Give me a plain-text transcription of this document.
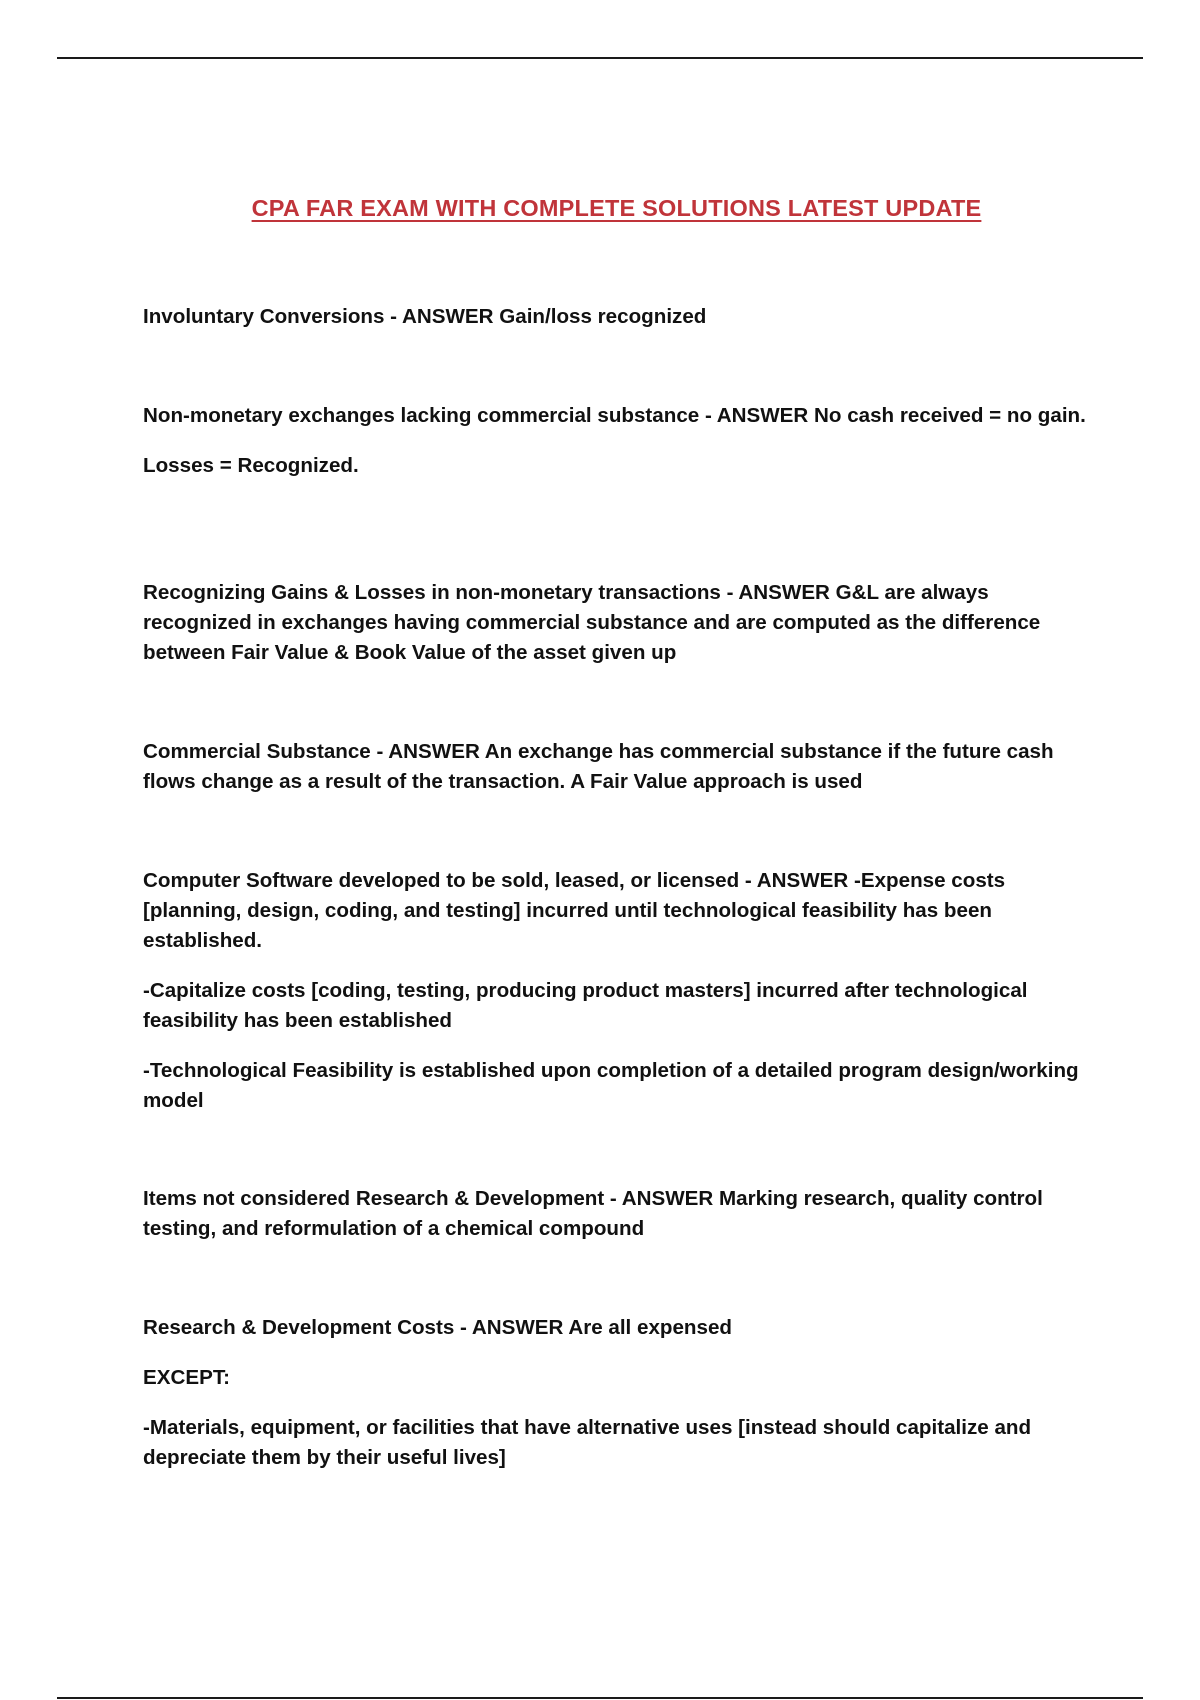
CPA FAR EXAM WITH COMPLETE SOLUTIONS LATEST UPDATE

Involuntary Conversions - ANSWER Gain/loss recognized

Non-monetary exchanges lacking commercial substance - ANSWER No cash received = no gain.

Losses = Recognized.

Recognizing Gains & Losses in non-monetary transactions - ANSWER G&L are always recognized in exchanges having commercial substance and are computed as the difference between Fair Value & Book Value of the asset given up

Commercial Substance - ANSWER An exchange has commercial substance if the future cash flows change as a result of the transaction. A Fair Value approach is used

Computer Software developed to be sold, leased, or licensed - ANSWER -Expense costs [planning, design, coding, and testing] incurred until technological feasibility has been established.

-Capitalize costs [coding, testing, producing product masters] incurred after technological feasibility has been established

-Technological Feasibility is established upon completion of a detailed program design/working model

Items not considered Research & Development - ANSWER Marking research, quality control testing, and reformulation of a chemical compound

Research & Development Costs - ANSWER Are all expensed

EXCEPT:

-Materials, equipment, or facilities that have alternative uses [instead should capitalize and depreciate them by their useful lives]
